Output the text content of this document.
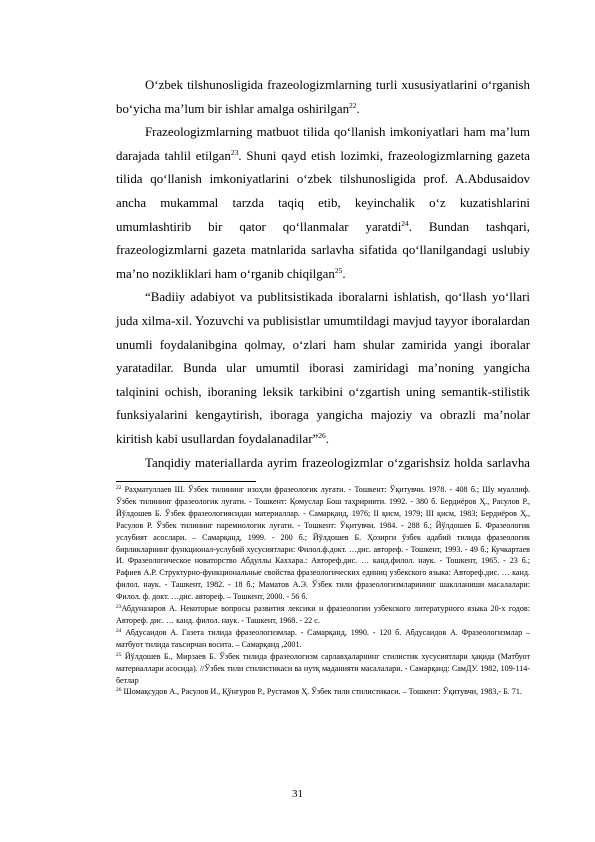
O‘zbek tilshunosligida frazeologizmlarning turli xususiyatlarini o‘rganish bo‘yicha ma’lum bir ishlar amalga oshirilgan$^{22}$.

Frazeologizmlarning matbuot tilida qo‘llanish imkoniyatlari ham ma’lum darajada tahlil etilgan$^{23}$. Shuni qayd etish lozimki, frazeologizmlarning gazeta tilida qo‘llanish imkoniyatlarini o‘zbek tilshunosligida prof. A.Abdusaidov ancha mukammal tarzda taqiq etib, keyinchalik o‘z kuzatishlarini umumlashtirib bir qator qo‘llanmalar yaratdi$^{24}$. Bundan tashqari, frazeologizmlarni gazeta matnlarida sarlavha sifatida qo‘llanilgandagi uslubiy ma’no nozikliklari ham o‘rganib chiqilgan$^{25}$.

“Badiiy adabiyot va publitsistikada iboralarni ishlatish, qo‘llash yo‘llari juda xilma-xil. Yozuvchi va publisistlar umumtildagi mavjud tayyor iboralardan unumli foydalanibgina qolmay, o‘zlari ham shular zamirida yangi iboralar yaratadilar. Bunda ular umumtil iborasi zamiridagi ma’noning yangicha talqinini ochish, iboraning leksik tarkibini o‘zgartish uning semantik-stilistik funksiyalarini kengaytirish, iboraga yangicha majoziy va obrazli ma’nolar kiritish kabi usullardan foydalanadilar”$^{26}$.

Tanqidiy materiallarda ayrim frazeologizmlar o‘zgarishsiz holda sarlavha

$^{22}$ Раҳматуллаев Ш. Ўзбек тилининг изоҳли фразеологик луғати. - Тошкент: Ўқитувчи. 1978. - 408 б.; Шу муаллиф. Ўзбек тилининг фразеологик луғати. - Тошкент: Қомуслар Бош таҳририяти. 1992. - 380 б. Бердиёров Ҳ., Расулов Р., Йўлдошев Б. Ўзбек фразеологиясидан материаллар. - Самарқанд, 1976; II қисм, 1979; III қисм, 1983; Бердиёров Ҳ., Расулов Р. Ўзбек тилининг паремиологик луғати. - Тошкент: Ўқитувчи. 1984. - 288 б.; Йўлдошев Б. Фразеологик услубият асослари. – Самарқанд, 1999. - 200 б.; Йўлдошев Б. Ҳозирги ўзбек адабий тилида фразеологик бирликларнинг функционал-услубий хусусиятлари: Филол.ф.докт. …дис. автореф. - Тошкент, 1993. - 49 б.; Кучкартаев И. Фразеологическое новаторство Абдуллы Каххара.: Автореф.дис. … канд.филол. наук. - Тошкент, 1965. - 23 б.; Рафиев А.Р. Структурно-функциональные свойства фразеологических единиц узбекского языка: Автореф.дис. … канд. филол. наук. - Ташкент, 1982. - 18 б.; Маматов А.Э. Ўзбек тили фразеологизмларининг шаклланиши масалалари: Филол. ф. докт. …дис. автореф. – Тошкент, 2000. - 56 б.

$^{23}$Абдуназаров А. Некоторые вопросы развития лексики и фразеологии узбекского литературного языка 20-х годов: Автореф. дис. … канд. филол. наук. - Ташкент, 1968. - 22 с.

$^{24}$ Абдусаидов А. Газета тилида фразеологизмлар. - Самарқанд, 1990. - 120 б. Абдусаидов А. Фразеологизмлар – матбуот тилида таъсирчан восита. – Самарқанд ,2001.

$^{25}$ Йўлдошев Б., Мирзаев Б. Ўзбек тилида фразеологизм сарлавҳаларнинг стилистик хусусиятлари ҳақида (Матбуот материаллари асосида). //Ўзбек тили стилистикаси ва нутқ маданияти масалалари. - Самарқанд: СамДУ. 1982, 109-114-бетлар

$^{26}$ Шомақсудов А., Расулов И., Қўнғуров Р., Рустамов Ҳ. Ўзбек тили стилистикаси. – Тошкент: Ўқитувчи, 1983,- Б. 71.

31
